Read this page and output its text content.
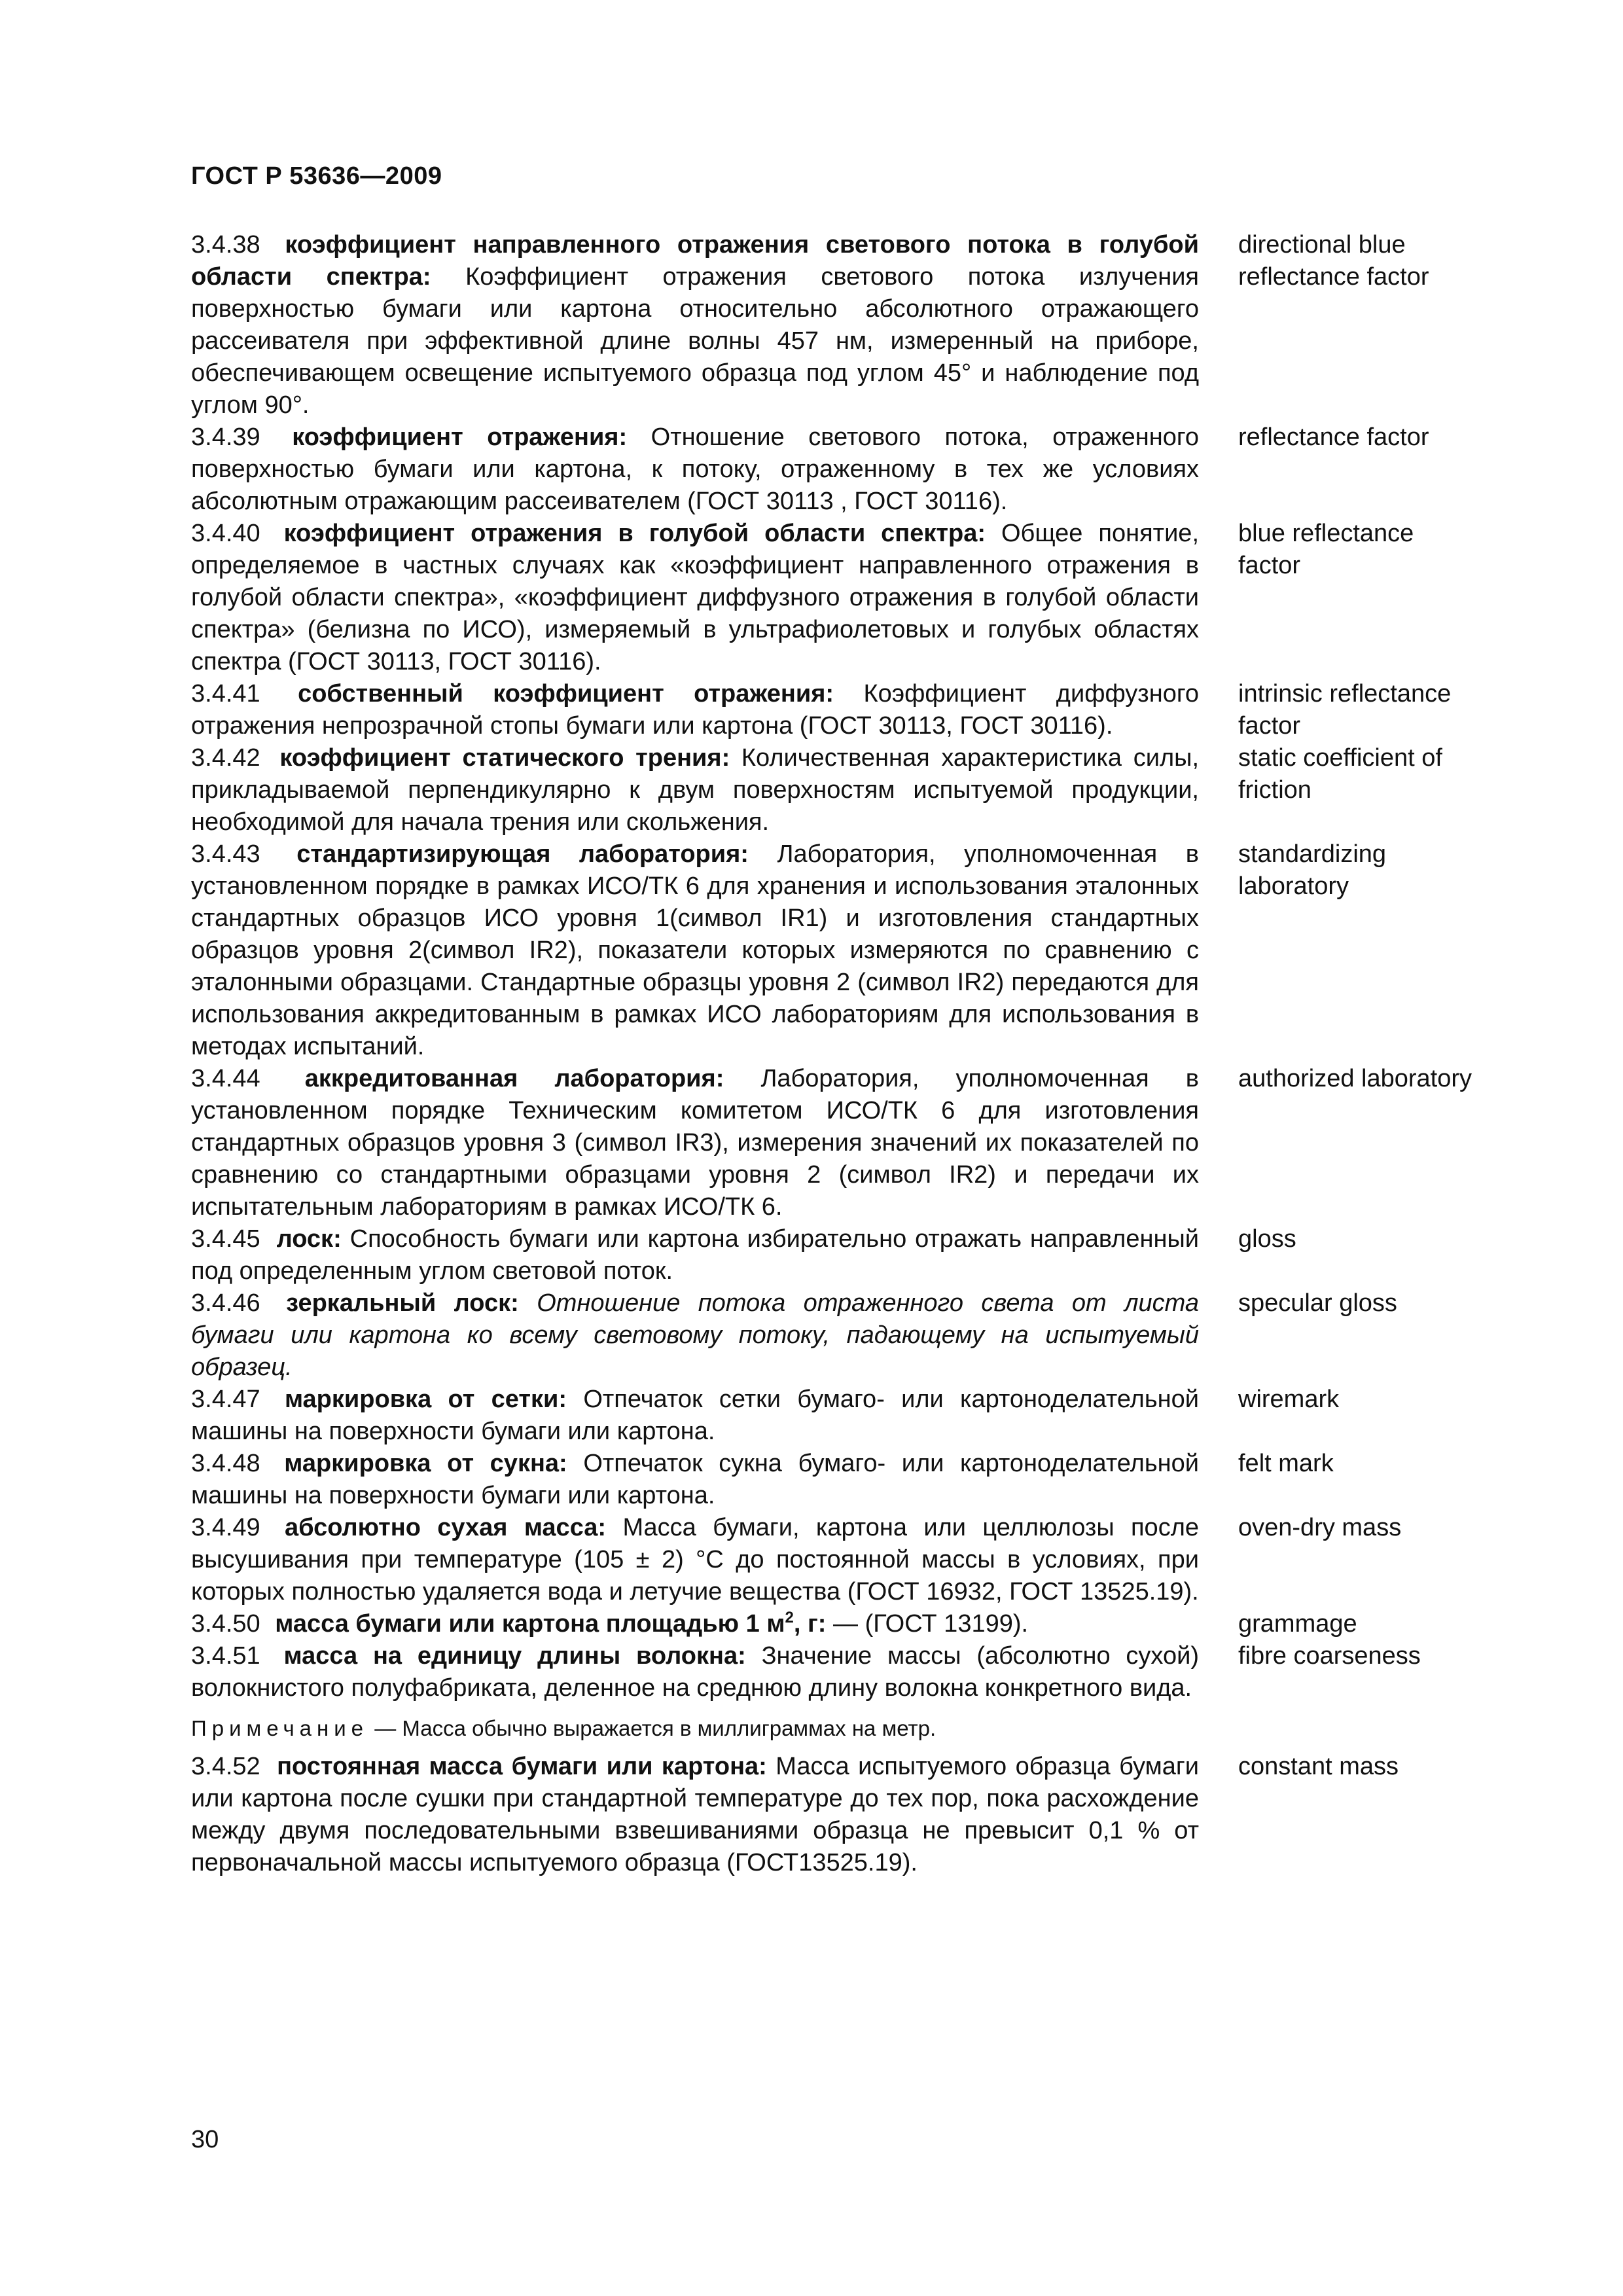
ГОСТ Р 53636—2009
3.4.38 коэффициент направленного отражения светового потока в голубой области спектра: Коэффициент отражения светового потока излучения поверхностью бумаги или картона относительно абсолютного отражающего рассеивателя при эффективной длине волны 457 нм, измеренный на приборе, обеспечивающем освещение испытуемого образца под углом 45° и наблюдение под углом 90°.
directional blue reflectance factor
3.4.39 коэффициент отражения: Отношение светового потока, отраженного поверхностью бумаги или картона, к потоку, отраженному в тех же условиях абсолютным отражающим рассеивателем (ГОСТ 30113 , ГОСТ 30116).
reflectance factor
3.4.40 коэффициент отражения в голубой области спектра: Общее понятие, определяемое в частных случаях как «коэффициент направленного отражения в голубой области спектра», «коэффициент диффузного отражения в голубой области спектра» (белизна по ИСО), измеряемый в ультрафиолетовых и голубых областях спектра (ГОСТ 30113, ГОСТ 30116).
blue reflectance factor
3.4.41 собственный коэффициент отражения: Коэффициент диффузного отражения непрозрачной стопы бумаги или картона (ГОСТ 30113, ГОСТ 30116).
intrinsic reflectance factor
3.4.42 коэффициент статического трения: Количественная характеристика силы, прикладываемой перпендикулярно к двум поверхностям испытуемой продукции, необходимой для начала трения или скольжения.
static coefficient of friction
3.4.43 стандартизирующая лаборатория: Лаборатория, уполномоченная в установленном порядке в рамках ИСО/ТК 6 для хранения и использования эталонных стандартных образцов ИСО уровня 1(символ IR1) и изготовления стандартных образцов уровня 2(символ IR2), показатели которых измеряются по сравнению с эталонными образцами. Стандартные образцы уровня 2 (символ IR2) передаются для использования аккредитованным в рамках ИСО лабораториям для использования в методах испытаний.
standardizing laboratory
3.4.44 аккредитованная лаборатория: Лаборатория, уполномоченная в установленном порядке Техническим комитетом ИСО/ТК 6 для изготовления стандартных образцов уровня 3 (символ IR3), измерения значений их показателей по сравнению со стандартными образцами уровня 2 (символ IR2) и передачи их испытательным лабораториям в рамках ИСО/ТК 6.
authorized laboratory
3.4.45 лоск: Способность бумаги или картона избирательно отражать направленный под определенным углом световой поток.
gloss
3.4.46 зеркальный лоск: Отношение потока отраженного света от листа бумаги или картона ко всему световому потоку, падающему на испытуемый образец.
specular gloss
3.4.47 маркировка от сетки: Отпечаток сетки бумаго- или картоноделательной машины на поверхности бумаги или картона.
wiremark
3.4.48 маркировка от сукна: Отпечаток сукна бумаго- или картоноделательной машины на поверхности бумаги или картона.
felt mark
3.4.49 абсолютно сухая масса: Масса бумаги, картона или целлюлозы после высушивания при температуре (105 ± 2) °С до постоянной массы в условиях, при которых полностью удаляется вода и летучие вещества (ГОСТ 16932, ГОСТ 13525.19).
oven-dry mass
3.4.50 масса бумаги или картона площадью 1 $м^2$, г: — (ГОСТ 13199).	grammage
3.4.51 масса на единицу длины волокна: Значение массы (абсолютно сухой) волокнистого полуфабриката, деленное на среднюю длину волокна конкретного вида.
fibre coarseness
Примечание — Масса обычно выражается в миллиграммах на метр.
3.4.52 постоянная масса бумаги или картона: Масса испытуемого образца бумаги или картона после сушки при стандартной температуре до тех пор, пока расхождение между двумя последовательными взвешиваниями образца не превысит 0,1 % от первоначальной массы испытуемого образца (ГОСТ13525.19).
constant mass
30
